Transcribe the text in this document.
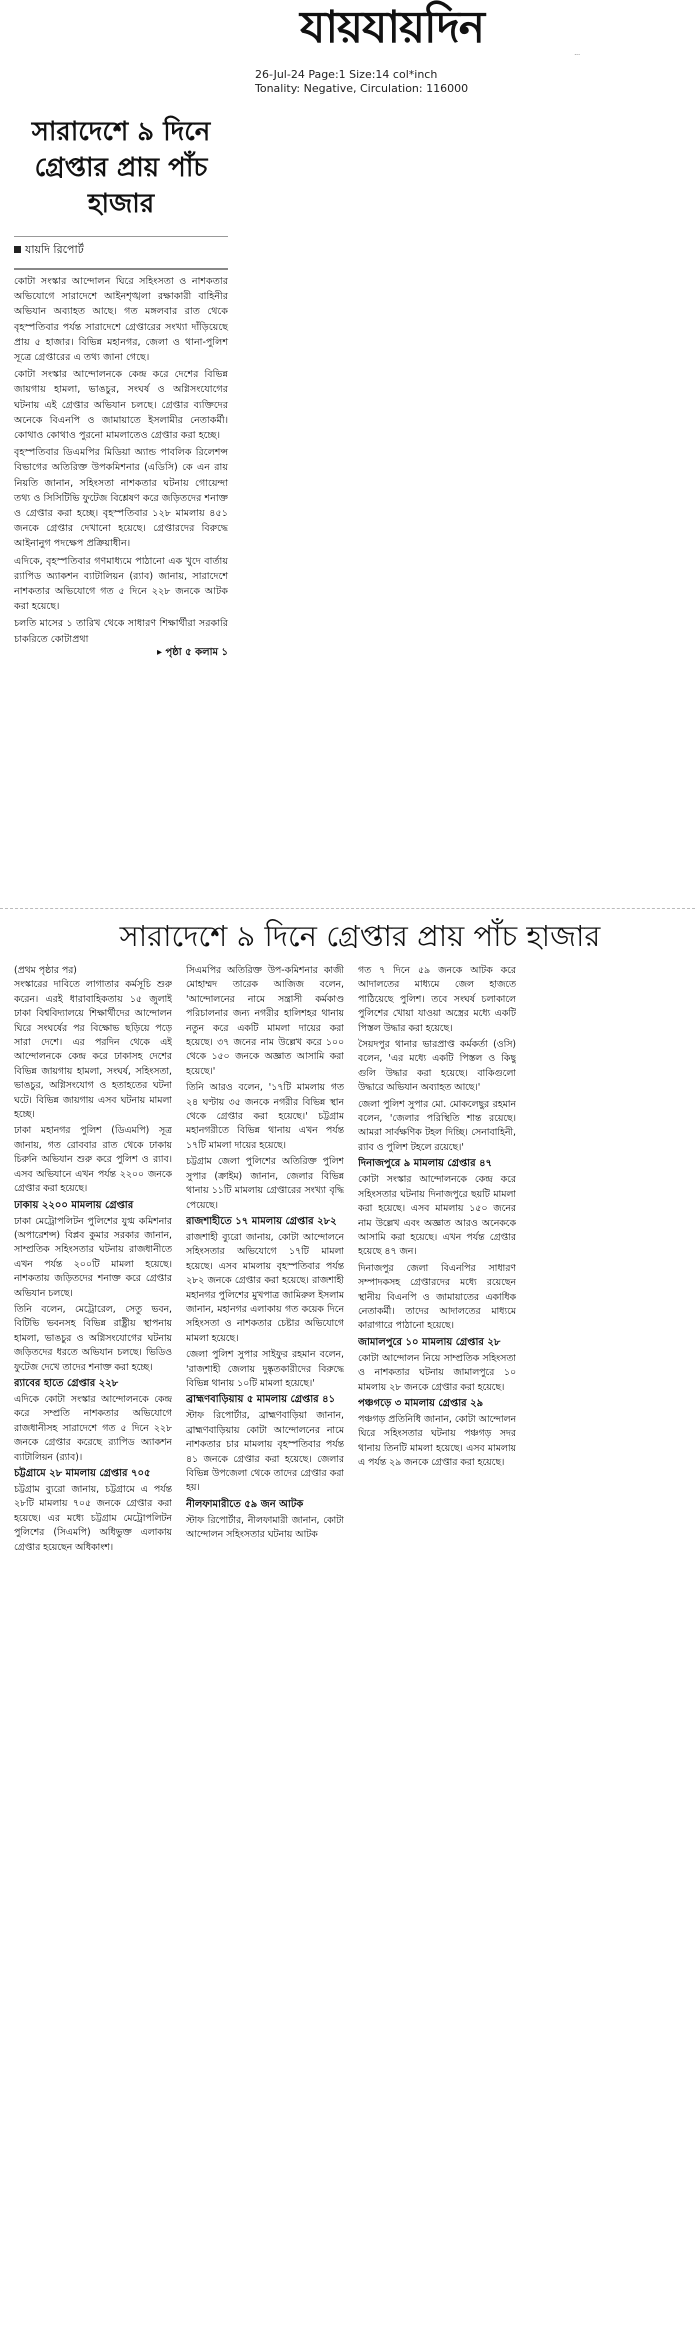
যায়যায়দিন
...
26-Jul-24 Page:1 Size:14 col*inch
Tonality: Negative, Circulation: 116000
সারাদেশে ৯ দিনে গ্রেপ্তার প্রায় পাঁচ হাজার
যায়দি রিপোর্ট

কোটা সংস্কার আন্দোলন ঘিরে সহিংসতা ও নাশকতার অভিযোগে সারাদেশে আইনশৃঙ্খলা রক্ষাকারী বাহিনীর অভিযান অব্যাহত আছে। গত মঙ্গলবার রাত থেকে বৃহস্পতিবার পর্যন্ত সারাদেশে গ্রেপ্তারের সংখ্যা দাঁড়িয়েছে প্রায় ৫ হাজার। বিভিন্ন মহানগর, জেলা ও থানা-পুলিশ সূত্রে গ্রেপ্তারের এ তথ্য জানা গেছে।

কোটা সংস্কার আন্দোলনকে কেন্দ্র করে দেশের বিভিন্ন জায়গায় হামলা, ভাঙচুর, সংঘর্ষ ও অগ্নিসংযোগের ঘটনায় এই গ্রেপ্তার অভিযান চলছে। গ্রেপ্তার ব্যক্তিদের অনেকে বিএনপি ও জামায়াতে ইসলামীর নেতাকর্মী। কোথাও কোথাও পুরনো মামলাতেও গ্রেপ্তার করা হচ্ছে।

বৃহস্পতিবার ডিএমপির মিডিয়া অ্যান্ড পাবলিক রিলেশন্স বিভাগের অতিরিক্ত উপকমিশনার (এডিসি) কে এন রায় নিয়তি জানান, সহিংসতা নাশকতার ঘটনায় গোয়েন্দা তথ্য ও সিসিটিভি ফুটেজ বিশ্লেষণ করে জড়িতদের শনাক্ত ও গ্রেপ্তার করা হচ্ছে। বৃহস্পতিবার ১২৮ মামলায় ৪৫১ জনকে গ্রেপ্তার দেখানো হয়েছে। গ্রেপ্তারদের বিরুদ্ধে আইনানুগ পদক্ষেপ প্রক্রিয়াধীন।

এদিকে, বৃহস্পতিবার গণমাধ্যমে পাঠানো এক খুদে বার্তায় র‍্যাপিড অ্যাকশন ব্যাটালিয়ন (র‍্যাব) জানায়, সারাদেশে নাশকতার অভিযোগে গত ৫ দিনে ২২৮ জনকে আটক করা হয়েছে।

চলতি মাসের ১ তারিখ থেকে সাধারণ শিক্ষার্থীরা সরকারি চাকরিতে কোটাপ্রথা

▸ পৃষ্ঠা ৫ কলাম ১
সারাদেশে ৯ দিনে গ্রেপ্তার প্রায় পাঁচ হাজার
(প্রথম পৃষ্ঠার পর)

সংস্কারের দাবিতে লাগাতার কর্মসূচি শুরু করেন। এরই ধারাবাহিকতায় ১৫ জুলাই ঢাকা বিশ্ববিদ্যালয়ে শিক্ষার্থীদের আন্দোলন ঘিরে সংঘর্ষের পর বিক্ষোভ ছড়িয়ে পড়ে সারা দেশে। এর পরদিন থেকে এই আন্দোলনকে কেন্দ্র করে ঢাকাসহ দেশের বিভিন্ন জায়গায় হামলা, সংঘর্ষ, সহিংসতা, ভাঙচুর, অগ্নিসংযোগ ও হতাহতের ঘটনা ঘটে। বিভিন্ন জায়গায় এসব ঘটনায় মামলা হচ্ছে।

ঢাকা মহানগর পুলিশ (ডিএমপি) সূত্র জানায়, গত রোববার রাত থেকে ঢাকায় চিরুনি অভিযান শুরু করে পুলিশ ও র‍্যাব। এসব অভিযানে এখন পর্যন্ত ২২০০ জনকে গ্রেপ্তার করা হয়েছে।

ঢাকায় ২২০০ মামলায় গ্রেপ্তার

ঢাকা মেট্রোপলিটন পুলিশের যুগ্ম কমিশনার (অপারেশন্স) বিপ্লব কুমার সরকার জানান, সাম্প্রতিক সহিংসতার ঘটনায় রাজধানীতে এখন পর্যন্ত ২০০টি মামলা হয়েছে। নাশকতায় জড়িতদের শনাক্ত করে গ্রেপ্তার অভিযান চলছে।

তিনি বলেন, মেট্রোরেল, সেতু ভবন, বিটিভি ভবনসহ বিভিন্ন রাষ্ট্রীয় স্থাপনায় হামলা, ভাঙচুর ও অগ্নিসংযোগের ঘটনায় জড়িতদের ধরতে অভিযান চলছে। ভিডিও ফুটেজ দেখে তাদের শনাক্ত করা হচ্ছে।

র‍্যাবের হাতে গ্রেপ্তার ২২৮

এদিকে কোটা সংস্কার আন্দোলনকে কেন্দ্র করে সম্প্রতি নাশকতার অভিযোগে রাজধানীসহ সারাদেশে গত ৫ দিনে ২২৮ জনকে গ্রেপ্তার করেছে র‍্যাপিড অ্যাকশন ব্যাটালিয়ন (র‍্যাব)।

চট্টগ্রামে ২৮ মামলায় গ্রেপ্তার ৭০৫

চট্টগ্রাম ব্যুরো জানায়, চট্টগ্রামে এ পর্যন্ত ২৮টি মামলায় ৭০৫ জনকে গ্রেপ্তার করা হয়েছে। এর মধ্যে চট্টগ্রাম মেট্রোপলিটন পুলিশের (সিএমপি) অধিভুক্ত এলাকায় গ্রেপ্তার হয়েছেন অধিকাংশ।

সিএমপির অতিরিক্ত উপ-কমিশনার কাজী মোহাম্মদ তারেক আজিজ বলেন, 'আন্দোলনের নামে সন্ত্রাসী কর্মকাণ্ড পরিচালনার জন্য নগরীর হালিশহর থানায় নতুন করে একটি মামলা দায়ের করা হয়েছে। ৩৭ জনের নাম উল্লেখ করে ১০০ থেকে ১৫০ জনকে অজ্ঞাত আসামি করা হয়েছে।'

তিনি আরও বলেন, '১৭টি মামলায় গত ২৪ ঘণ্টায় ৩৫ জনকে নগরীর বিভিন্ন স্থান থেকে গ্রেপ্তার করা হয়েছে।' চট্টগ্রাম মহানগরীতে বিভিন্ন থানায় এখন পর্যন্ত ১৭টি মামলা দায়ের হয়েছে।

চট্টগ্রাম জেলা পুলিশের অতিরিক্ত পুলিশ সুপার (ক্রাইম) জানান, জেলার বিভিন্ন থানায় ১১টি মামলায় গ্রেপ্তারের সংখ্যা বৃদ্ধি পেয়েছে।

রাজশাহীতে ১৭ মামলায় গ্রেপ্তার ২৮২

রাজশাহী ব্যুরো জানায়, কোটা আন্দোলনে সহিংসতার অভিযোগে ১৭টি মামলা হয়েছে। এসব মামলায় বৃহস্পতিবার পর্যন্ত ২৮২ জনকে গ্রেপ্তার করা হয়েছে। রাজশাহী মহানগর পুলিশের মুখপাত্র জামিরুল ইসলাম জানান, মহানগর এলাকায় গত কয়েক দিনে সহিংসতা ও নাশকতার চেষ্টার অভিযোগে মামলা হয়েছে।

জেলা পুলিশ সুপার সাইফুর রহমান বলেন, 'রাজশাহী জেলায় দুষ্কৃতকারীদের বিরুদ্ধে বিভিন্ন থানায় ১০টি মামলা হয়েছে।'

ব্রাহ্মণবাড়িয়ায় ৫ মামলায় গ্রেপ্তার ৪১

স্টাফ রিপোর্টার, ব্রাহ্মণবাড়িয়া জানান, ব্রাহ্মণবাড়িয়ায় কোটা আন্দোলনের নামে নাশকতার চার মামলায় বৃহস্পতিবার পর্যন্ত ৪১ জনকে গ্রেপ্তার করা হয়েছে। জেলার বিভিন্ন উপজেলা থেকে তাদের গ্রেপ্তার করা হয়।

নীলফামারীতে ৫৯ জন আটক

স্টাফ রিপোর্টার, নীলফামারী জানান, কোটা আন্দোলন সহিংসতার ঘটনায় আটক

গত ৭ দিনে ৫৯ জনকে আটক করে আদালতের মাধ্যমে জেল হাজতে পাঠিয়েছে পুলিশ। তবে সংঘর্ষ চলাকালে পুলিশের খোয়া যাওয়া অস্ত্রের মধ্যে একটি পিস্তল উদ্ধার করা হয়েছে।

সৈয়দপুর থানার ভারপ্রাপ্ত কর্মকর্তা (ওসি) বলেন, 'এর মধ্যে একটি পিস্তল ও কিছু গুলি উদ্ধার করা হয়েছে। বাকিগুলো উদ্ধারে অভিযান অব্যাহত আছে।'

জেলা পুলিশ সুপার মো. মোকলেছুর রহমান বলেন, 'জেলার পরিস্থিতি শান্ত রয়েছে। আমরা সার্বক্ষণিক টহল দিচ্ছি। সেনাবাহিনী, র‍্যাব ও পুলিশ টহলে রয়েছে।'

দিনাজপুরে ৯ মামলায় গ্রেপ্তার ৪৭

কোটা সংস্কার আন্দোলনকে কেন্দ্র করে সহিংসতার ঘটনায় দিনাজপুরে ছয়টি মামলা করা হয়েছে। এসব মামলায় ১৫০ জনের নাম উল্লেখ এবং অজ্ঞাত আরও অনেককে আসামি করা হয়েছে। এখন পর্যন্ত গ্রেপ্তার হয়েছে ৪৭ জন।

দিনাজপুর জেলা বিএনপির সাধারণ সম্পাদকসহ গ্রেপ্তারদের মধ্যে রয়েছেন স্থানীয় বিএনপি ও জামায়াতের একাধিক নেতাকর্মী। তাদের আদালতের মাধ্যমে কারাগারে পাঠানো হয়েছে।

জামালপুরে ১০ মামলায় গ্রেপ্তার ২৮

কোটা আন্দোলন নিয়ে সাম্প্রতিক সহিংসতা ও নাশকতার ঘটনায় জামালপুরে ১০ মামলায় ২৮ জনকে গ্রেপ্তার করা হয়েছে।

পঞ্চগড়ে ৩ মামলায় গ্রেপ্তার ২৯

পঞ্চগড় প্রতিনিধি জানান, কোটা আন্দোলন ঘিরে সহিংসতার ঘটনায় পঞ্চগড় সদর থানায় তিনটি মামলা হয়েছে। এসব মামলায় এ পর্যন্ত ২৯ জনকে গ্রেপ্তার করা হয়েছে।
